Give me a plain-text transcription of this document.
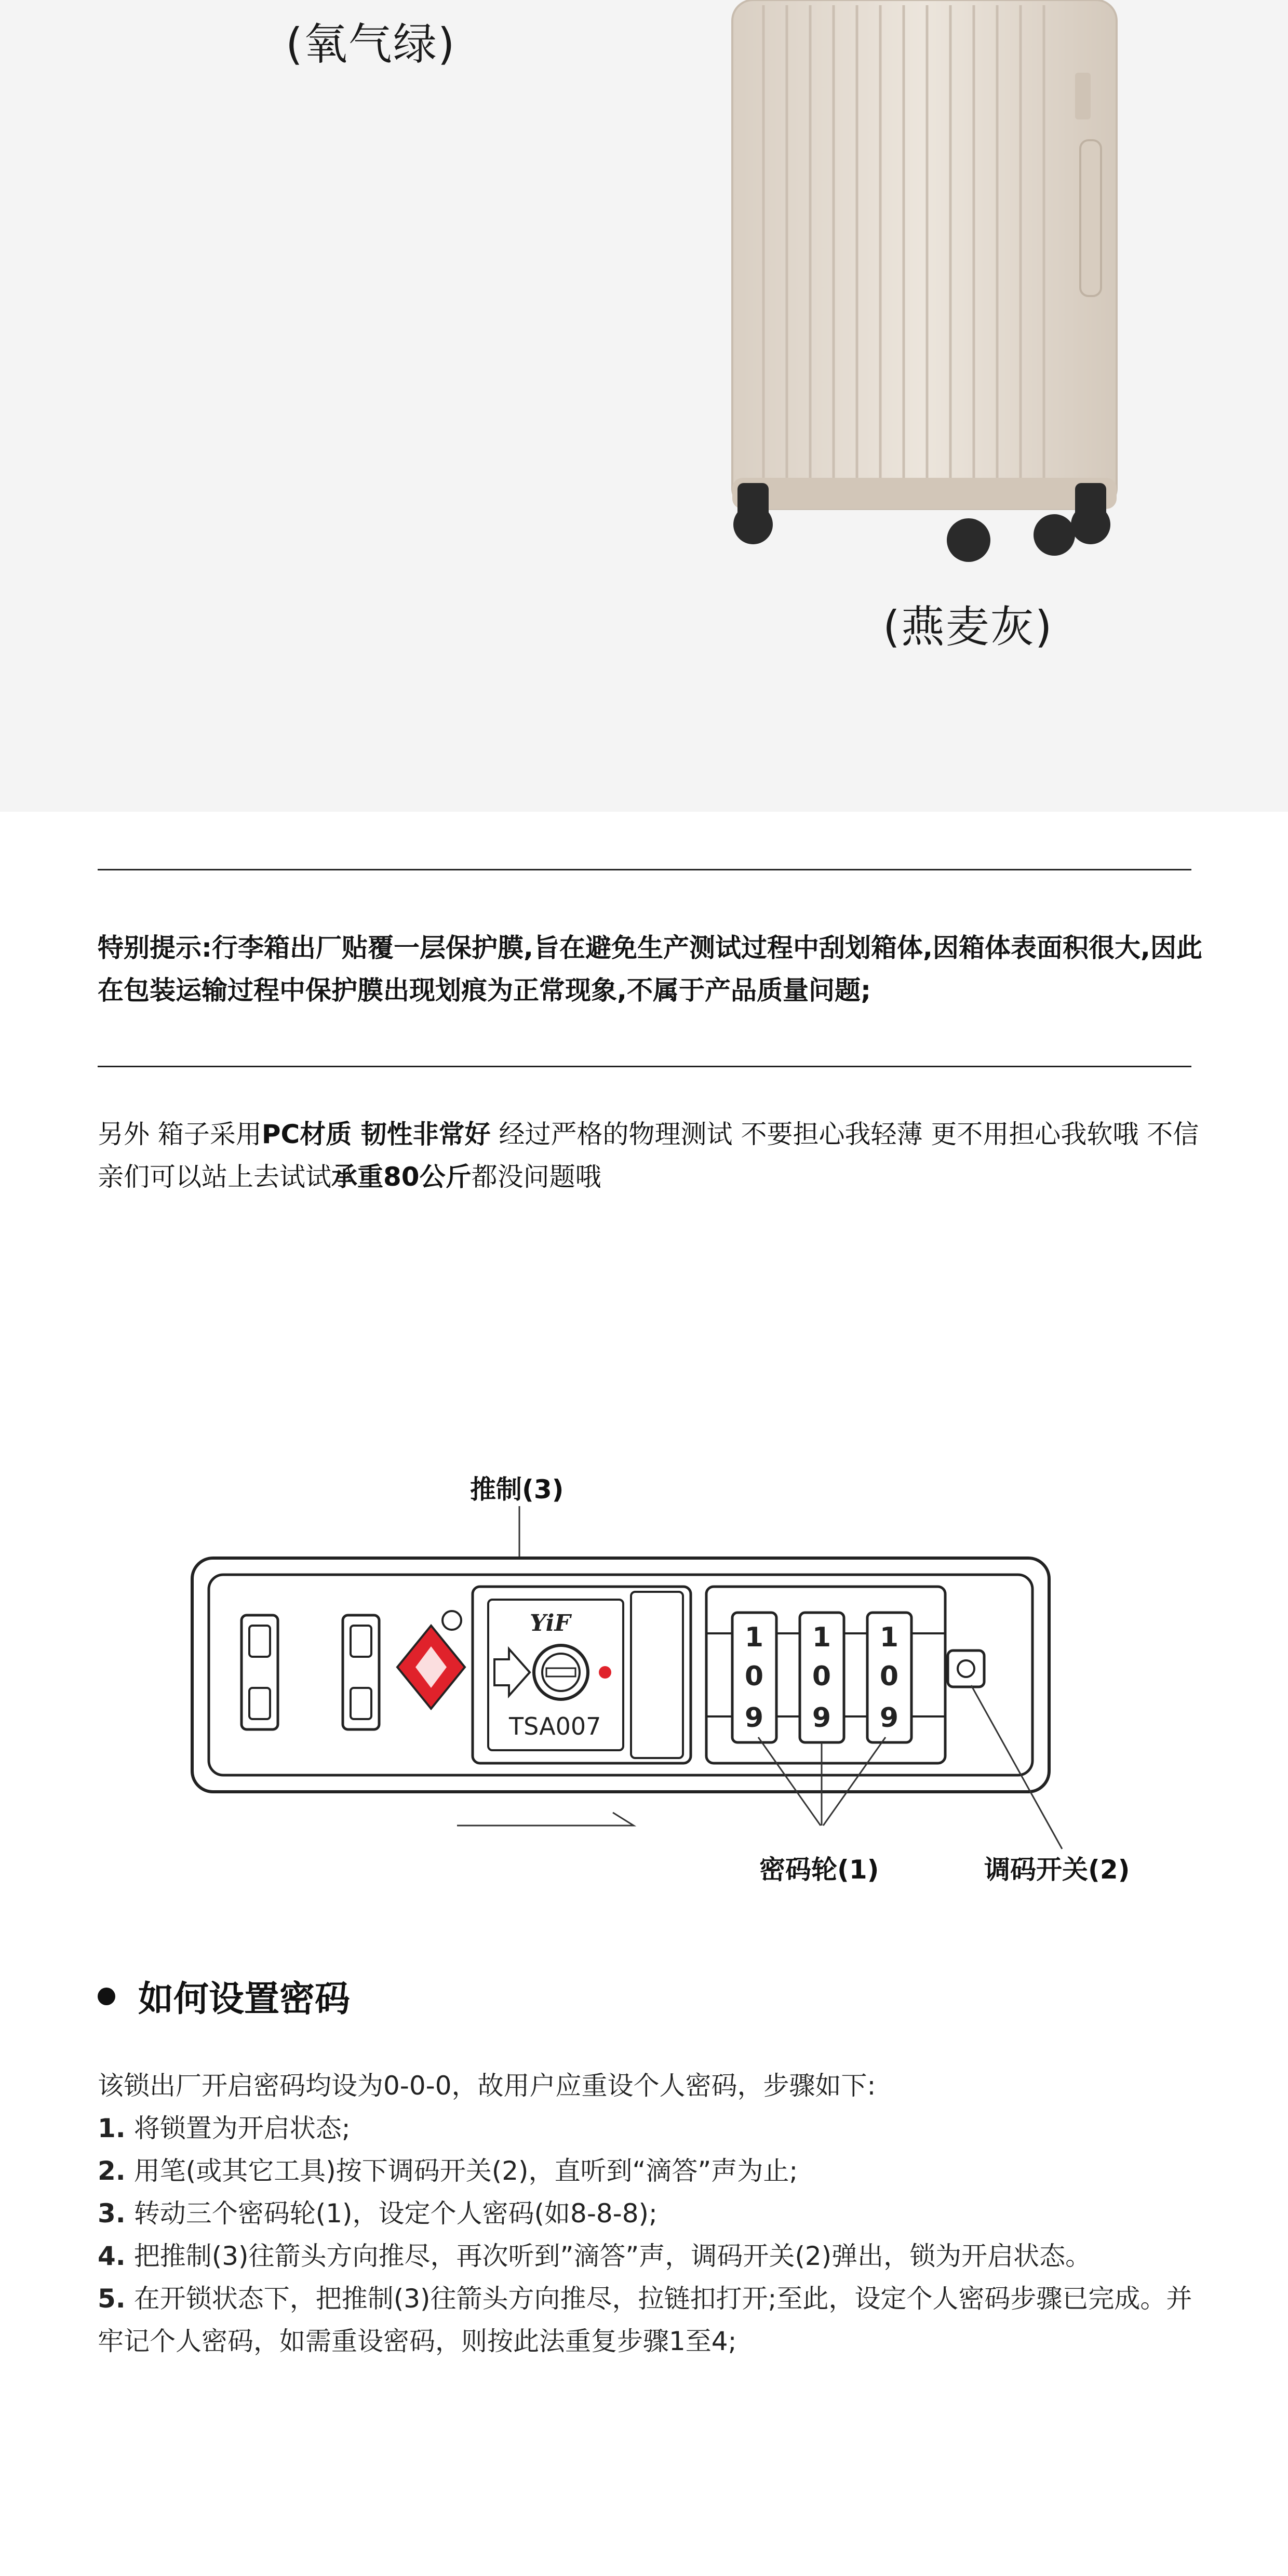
(氧气绿)
(燕麦灰)
特别提示:行李箱出厂贴覆一层保护膜,旨在避免生产测试过程中刮划箱体,因箱体表面积很大,因此在包装运输过程中保护膜出现划痕为正常现象,不属于产品质量问题;
另外 箱子采用PC材质 韧性非常好 经过严格的物理测试 不要担心我轻薄 更不用担心我软哦 不信亲们可以站上去试试承重80公斤都没问题哦
推制(3)
YiF
TSA007
1
0
9
1
0
9
1
0
9
密码轮(1)	调码开关(2)
如何设置密码

该锁出厂开启密码均设为0-0-0，故用户应重设个人密码，步骤如下:

1. 将锁置为开启状态;

2. 用笔(或其它工具)按下调码开关(2)，直听到“滴答”声为止;

3. 转动三个密码轮(1)，设定个人密码(如8-8-8);

4. 把推制(3)往箭头方向推尽，再次听到”滴答”声，调码开关(2)弹出，锁为开启状态。

5. 在开锁状态下，把推制(3)往箭头方向推尽，拉链扣打开;至此，设定个人密码步骤已完成。并牢记个人密码，如需重设密码，则按此法重复步骤1至4;
